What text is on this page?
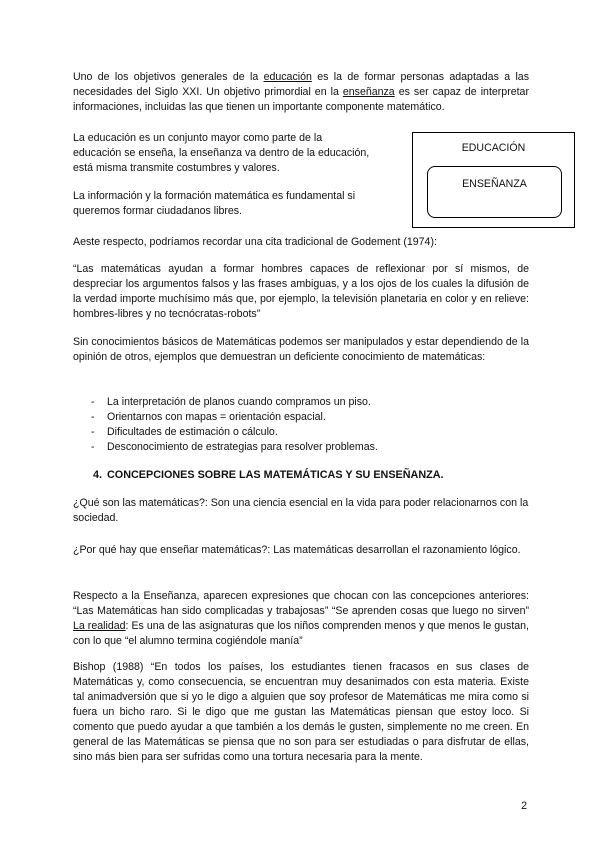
Uno de los objetivos generales de la educación es la de formar personas adaptadas a las necesidades del Siglo XXI. Un objetivo primordial en la enseñanza es ser capaz de interpretar informaciones, incluidas las que tienen un importante componente matemático.

La educación es un conjunto mayor como parte de la educación se enseña, la enseñanza va dentro de la educación, está misma transmite costumbres y valores.

La información y la formación matemática es fundamental si queremos formar ciudadanos libres.

EDUCACIÓN
ENSEÑANZA

Aeste respecto, podríamos recordar una cita tradicional de Godement (1974):

“Las matemáticas ayudan a formar hombres capaces de reflexionar por sí mismos, de despreciar los argumentos falsos y las frases ambiguas, y a los ojos de los cuales la difusión de la verdad importe muchísimo más que, por ejemplo, la televisión planetaria en color y en relieve: hombres-libres y no tecnócratas-robots”

Sin conocimientos básicos de Matemáticas podemos ser manipulados y estar dependiendo de la opinión de otros, ejemplos que demuestran un deficiente conocimiento de matemáticas:

- La interpretación de planos cuando compramos un piso.
- Orientarnos con mapas = orientación espacial.
- Dificultades de estimación o cálculo.
- Desconocimiento de estrategias para resolver problemas.

4. CONCEPCIONES SOBRE LAS MATEMÁTICAS Y SU ENSEÑANZA.

¿Qué son las matemáticas?: Son una ciencia esencial en la vida para poder relacionarnos con la sociedad.

¿Por qué hay que enseñar matemáticas?: Las matemáticas desarrollan el razonamiento lógico.

Respecto a la Enseñanza, aparecen expresiones que chocan con las concepciones anteriores: “Las Matemáticas han sido complicadas y trabajosas” “Se aprenden cosas que luego no sirven” La realidad: Es una de las asignaturas que los niños comprenden menos y que menos le gustan, con lo que “el alumno termina cogiéndole manía”

Bishop (1988) “En todos los países, los estudiantes tienen fracasos en sus clases de Matemáticas y, como consecuencia, se encuentran muy desanimados con esta materia. Existe tal animadversión que si yo le digo a alguien que soy profesor de Matemáticas me mira como si fuera un bicho raro. Si le digo que me gustan las Matemáticas piensan que estoy loco. Si comento que puedo ayudar a que también a los demás le gusten, simplemente no me creen. En general de las Matemáticas se piensa que no son para ser estudiadas o para disfrutar de ellas, sino más bien para ser sufridas como una tortura necesaria para la mente.

2
